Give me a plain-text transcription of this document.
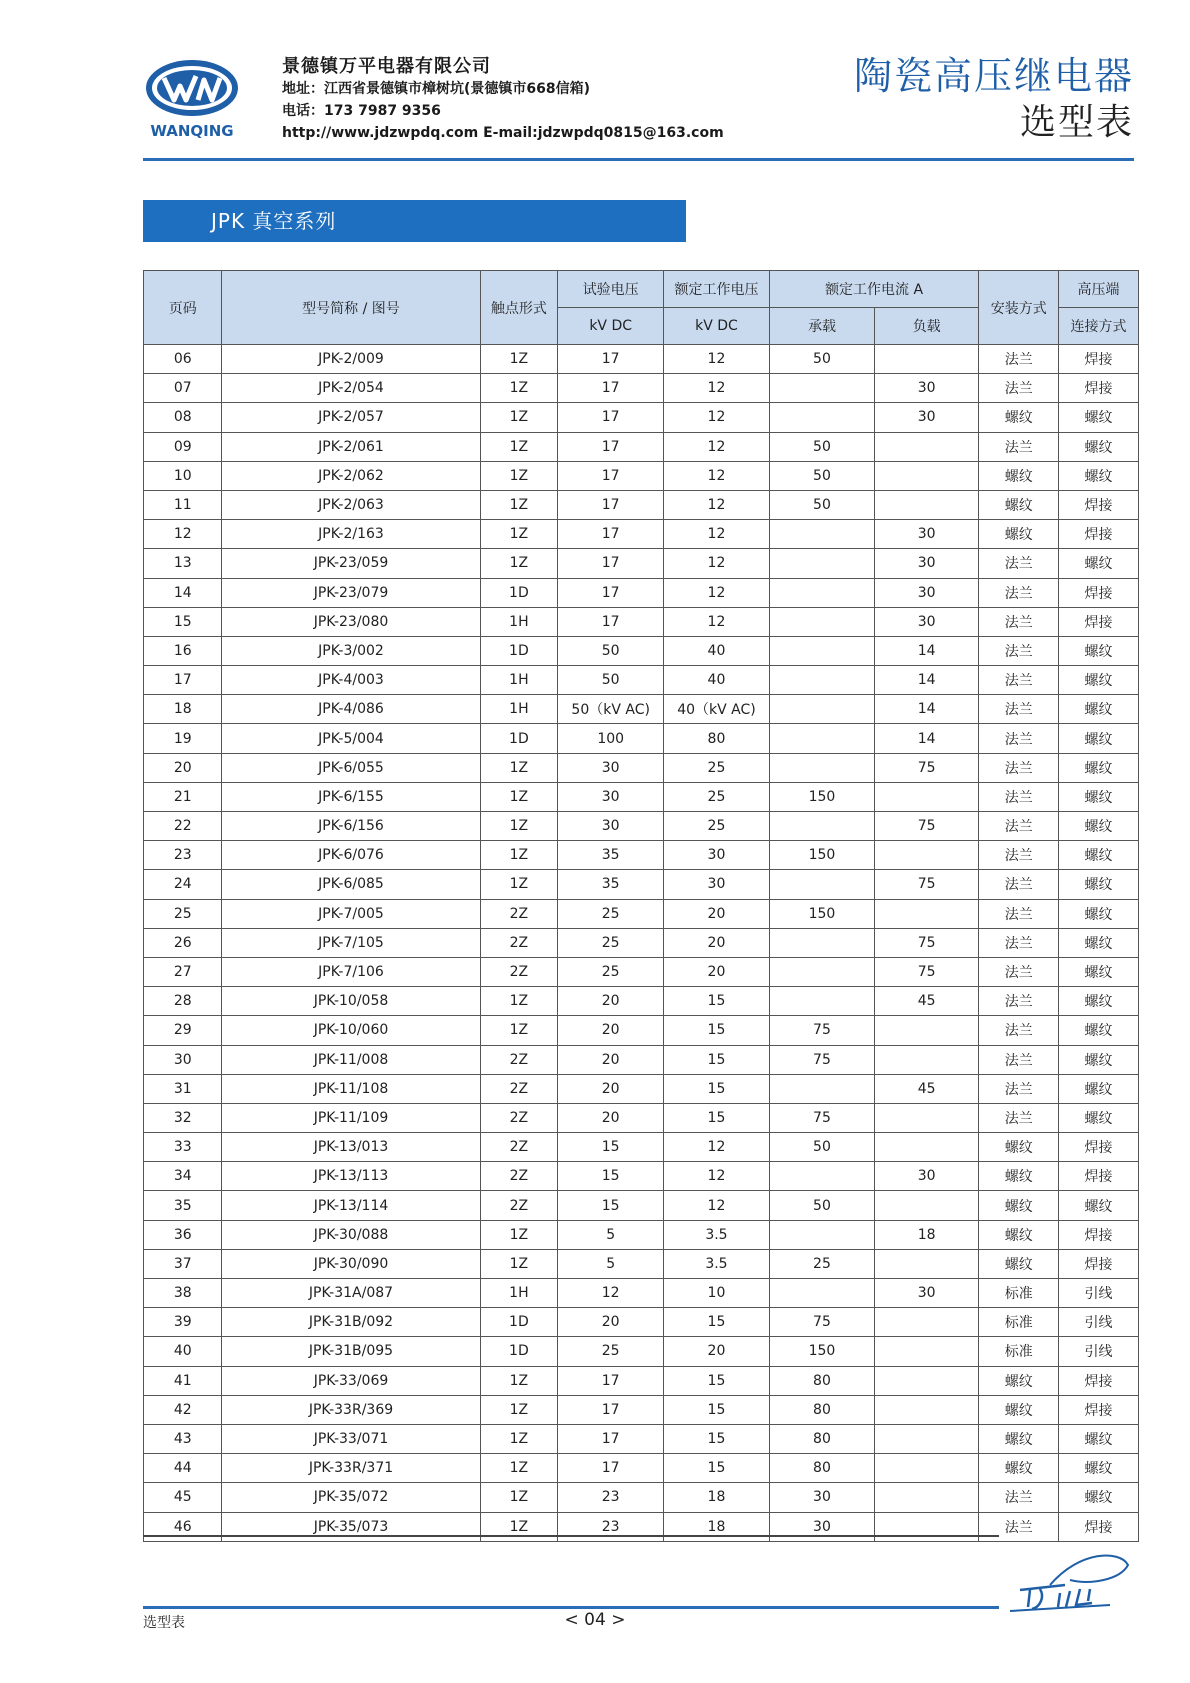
WANQING
景德镇万平电器有限公司
地址：江西省景德镇市樟树坑(景德镇市668信箱)
电话：173 7987 9356
http://www.jdzwpdq.com E-mail:jdzwpdq0815@163.com
陶瓷高压继电器
选型表
JPK 真空系列
页码	型号简称 / 图号	触点形式	试验电压	额定工作电压	额定工作电流 A		安装方式	高压端
			kV DC	kV DC	承载	负载		连接方式
06	JPK-2/009	1Z	17	12	50		法兰	焊接
07	JPK-2/054	1Z	17	12		30	法兰	焊接
08	JPK-2/057	1Z	17	12		30	螺纹	螺纹
09	JPK-2/061	1Z	17	12	50		法兰	螺纹
10	JPK-2/062	1Z	17	12	50		螺纹	螺纹
11	JPK-2/063	1Z	17	12	50		螺纹	焊接
12	JPK-2/163	1Z	17	12		30	螺纹	焊接
13	JPK-23/059	1Z	17	12		30	法兰	螺纹
14	JPK-23/079	1D	17	12		30	法兰	焊接
15	JPK-23/080	1H	17	12		30	法兰	焊接
16	JPK-3/002	1D	50	40		14	法兰	螺纹
17	JPK-4/003	1H	50	40		14	法兰	螺纹
18	JPK-4/086	1H	50（kV AC)	40（kV AC)		14	法兰	螺纹
19	JPK-5/004	1D	100	80		14	法兰	螺纹
20	JPK-6/055	1Z	30	25		75	法兰	螺纹
21	JPK-6/155	1Z	30	25	150		法兰	螺纹
22	JPK-6/156	1Z	30	25		75	法兰	螺纹
23	JPK-6/076	1Z	35	30	150		法兰	螺纹
24	JPK-6/085	1Z	35	30		75	法兰	螺纹
25	JPK-7/005	2Z	25	20	150		法兰	螺纹
26	JPK-7/105	2Z	25	20		75	法兰	螺纹
27	JPK-7/106	2Z	25	20		75	法兰	螺纹
28	JPK-10/058	1Z	20	15		45	法兰	螺纹
29	JPK-10/060	1Z	20	15	75		法兰	螺纹
30	JPK-11/008	2Z	20	15	75		法兰	螺纹
31	JPK-11/108	2Z	20	15		45	法兰	螺纹
32	JPK-11/109	2Z	20	15	75		法兰	螺纹
33	JPK-13/013	2Z	15	12	50		螺纹	焊接
34	JPK-13/113	2Z	15	12		30	螺纹	焊接
35	JPK-13/114	2Z	15	12	50		螺纹	螺纹
36	JPK-30/088	1Z	5	3.5		18	螺纹	焊接
37	JPK-30/090	1Z	5	3.5	25		螺纹	焊接
38	JPK-31A/087	1H	12	10		30	标准	引线
39	JPK-31B/092	1D	20	15	75		标准	引线
40	JPK-31B/095	1D	25	20	150		标准	引线
41	JPK-33/069	1Z	17	15	80		螺纹	焊接
42	JPK-33R/369	1Z	17	15	80		螺纹	焊接
43	JPK-33/071	1Z	17	15	80		螺纹	螺纹
44	JPK-33R/371	1Z	17	15	80		螺纹	螺纹
45	JPK-35/072	1Z	23	18	30		法兰	螺纹
46	JPK-35/073	1Z	23	18	30		法兰	焊接
选型表	< 04 >
